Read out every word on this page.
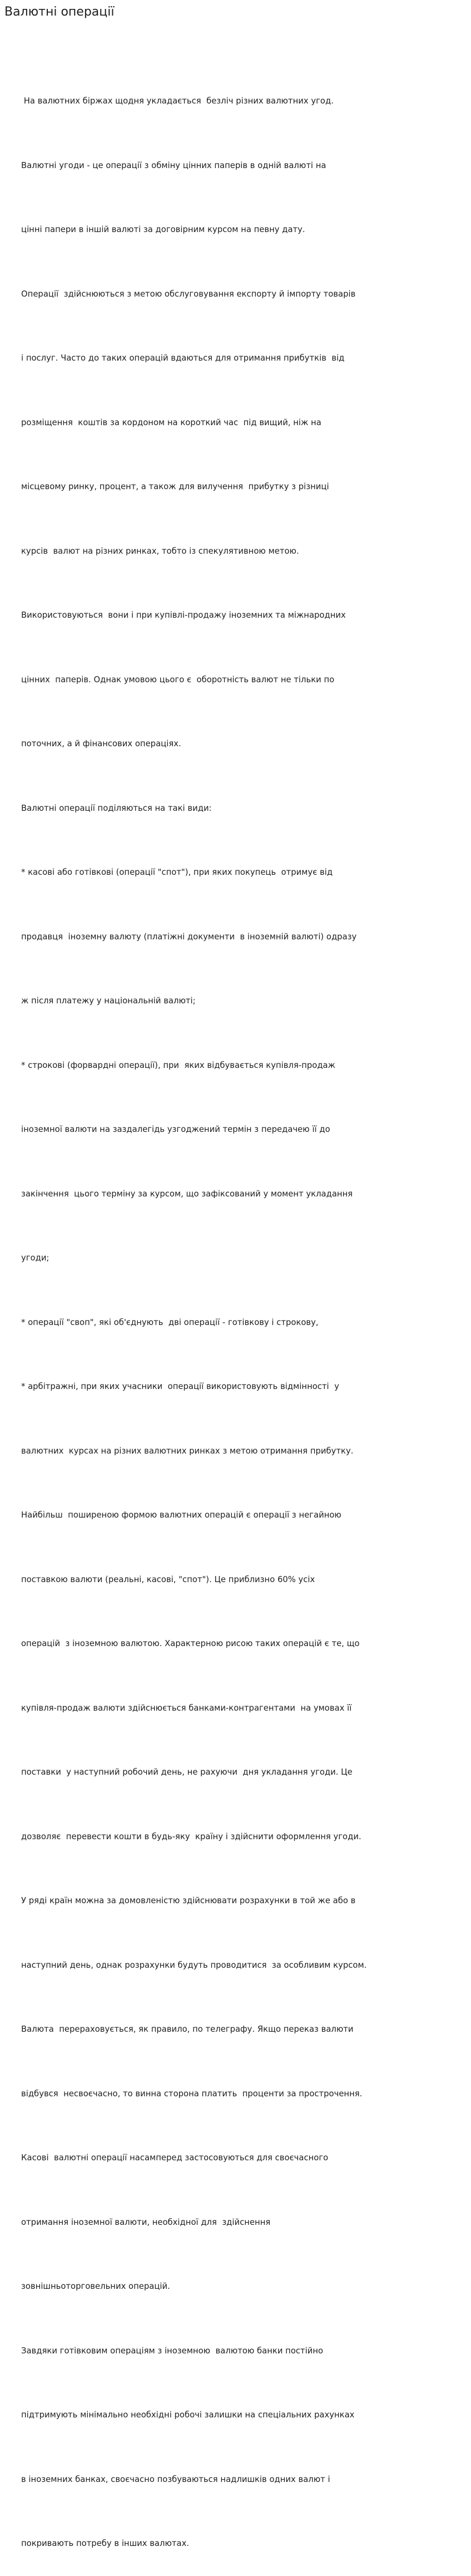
Валютні операції

На валютних біржах щодня укладається  безліч різних валютних угод.

Валютні угоди - це операції з обміну цінних паперів в одній валюті на

цінні папери в іншій валюті за договірним курсом на певну дату.

Операції  здійснюються з метою обслуговування експорту й імпорту товарів

і послуг. Часто до таких операцій вдаються для отримання прибутків  від

розміщення  коштів за кордоном на короткий час  під вищий, ніж на

місцевому ринку, процент, а також для вилучення  прибутку з різниці

курсів  валют на різних ринках, тобто із спекулятивною метою.

Використовуються  вони і при купівлі-продажу іноземних та міжнародних

цінних  паперів. Однак умовою цього є  оборотність валют не тільки по

поточних, а й фінансових операціях.

Валютні операції поділяються на такі види:

* касові або готівкові (операції "спот"), при яких покупець  отримує від

продавця  іноземну валюту (платіжні документи  в іноземній валюті) одразу

ж після платежу у національній валюті;

* строкові (форвардні операції), при  яких відбувається купівля-продаж

іноземної валюти на заздалегідь узгоджений термін з передачею її до

закінчення  цього терміну за курсом, що зафіксований у момент укладання

угоди;

* операції "своп", які об'єднують  дві операції - готівкову і строкову,

* арбітражні, при яких учасники  операції використовують відмінності  у

валютних  курсах на різних валютних ринках з метою отримання прибутку.

Найбільш  поширеною формою валютних операцій є операції з негайною

поставкою валюти (реальні, касові, "спот"). Це приблизно 60% усіх

операцій  з іноземною валютою. Характерною рисою таких операцій є те, що

купівля-продаж валюти здійснюється банками-контрагентами  на умовах її

поставки  у наступний робочий день, не рахуючи  дня укладання угоди. Це

дозволяє  перевести кошти в будь-яку  країну і здійснити оформлення угоди.

У ряді країн можна за домовленістю здійснювати розрахунки в той же або в

наступний день, однак розрахунки будуть проводитися  за особливим курсом.

Валюта  перераховується, як правило, по телеграфу. Якщо переказ валюти

відбувся  несвоєчасно, то винна сторона платить  проценти за прострочення.

Касові  валютні операції насамперед застосовуються для своєчасного

отримання іноземної валюти, необхідної для  здійснення

зовнішньоторговельних операцій.

Завдяки готівковим операціям з іноземною  валютою банки постійно

підтримують мінімально необхідні робочі залишки на спеціальних рахунках

в іноземних банках, своєчасно позбуваються надлишків одних валют і

покривають потребу в інших валютах.
